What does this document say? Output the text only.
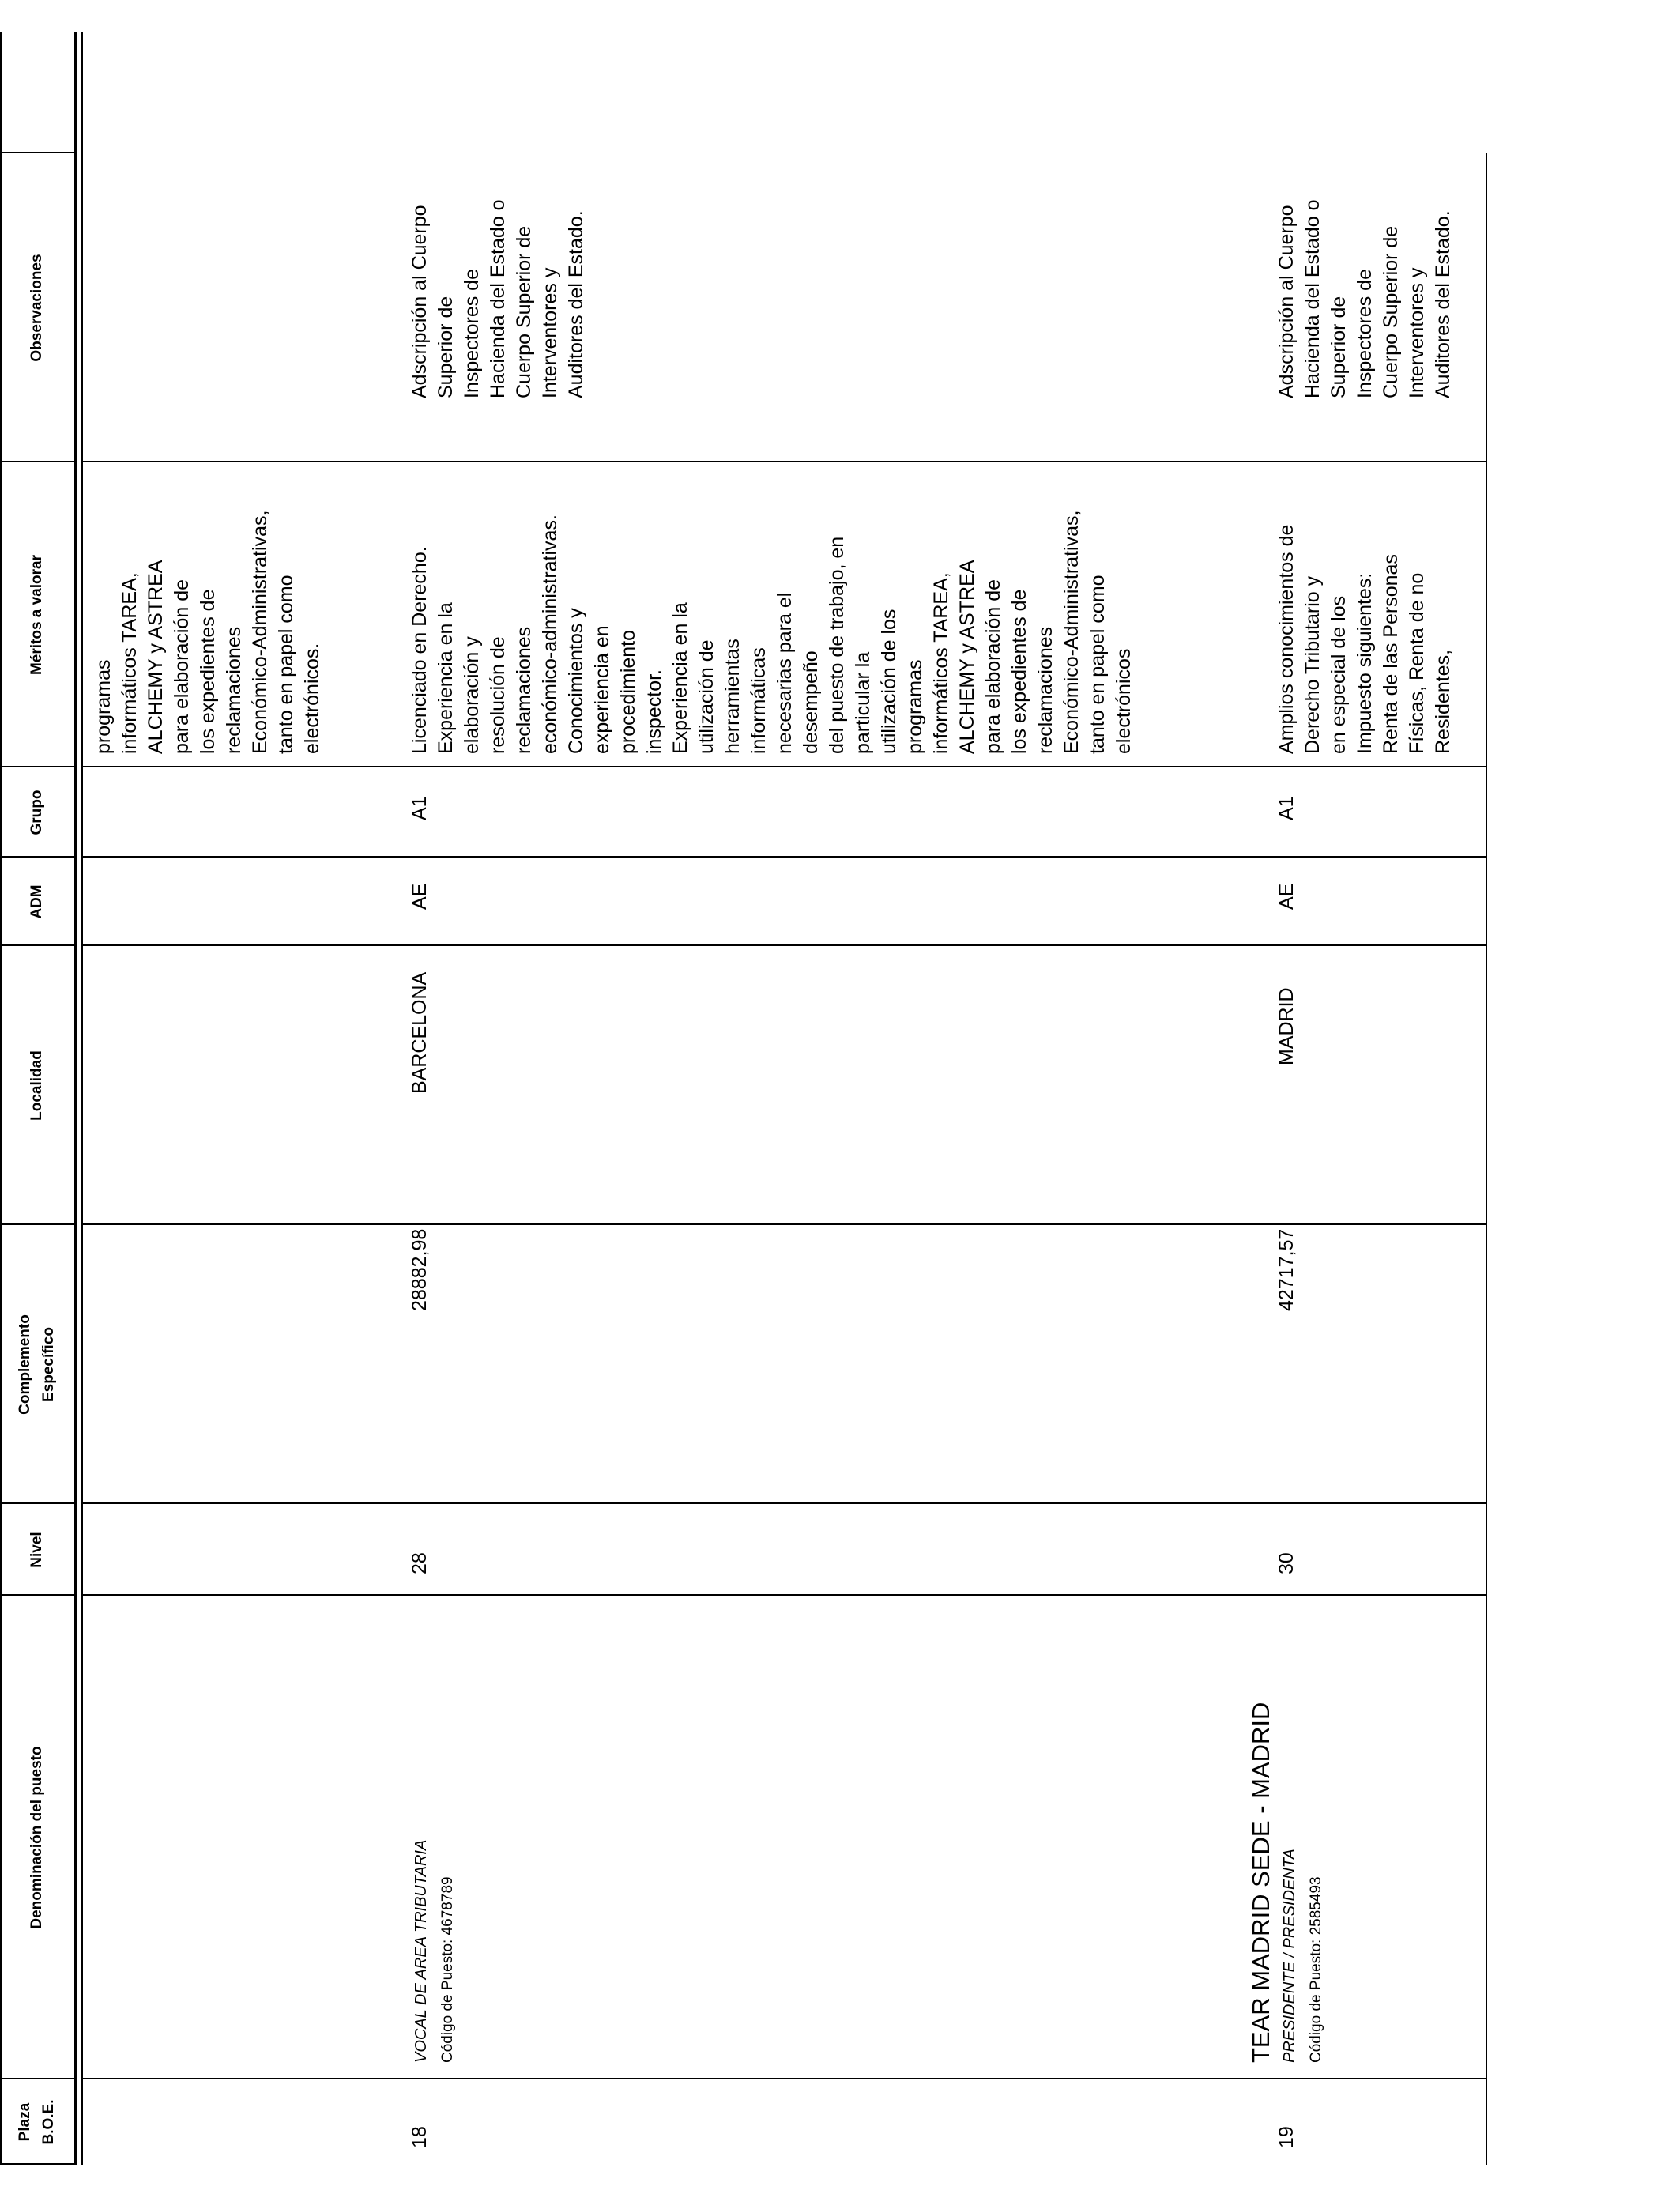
Plaza
B.O.E.
Denominación del puesto
Nivel
Complemento
Específico
Localidad
ADM
Grupo
Méritos a valorar
Observaciones
programas
informáticos TAREA,
ALCHEMY y ASTREA
para elaboración de
los expedientes de
reclamaciones
Económico-Administrativas,
tanto en papel como
electrónicos.
18
VOCAL DE AREA TRIBUTARIA Código de Puesto: 4678789
28
28882,98
BARCELONA
AE
A1
Licenciado en Derecho.
Experiencia en la
elaboración y
resolución de
reclamaciones
económico-administrativas.
Conocimientos y
experiencia en
procedimiento
inspector.
Experiencia en la
utilización de
herramientas
informáticas
necesarias para el
desempeño
del puesto de trabajo, en
particular la
utilización de los
programas
informáticos TAREA,
ALCHEMY y ASTREA
para elaboración de
los expedientes de
reclamaciones
Económico-Administrativas,
tanto en papel como
electrónicos
Adscripción al Cuerpo
Superior de
Inspectores de
Hacienda del Estado o
Cuerpo Superior de
Interventores y
Auditores del Estado.
19
TEAR MADRID SEDE - MADRID PRESIDENTE / PRESIDENTA Código de Puesto: 2585493
30
42717,57
MADRID
AE
A1
Amplios conocimientos de
Derecho Tributario y
en especial de los
Impuesto siguientes:
Renta de las Personas
Físicas, Renta de no
Residentes,
Adscripción al Cuerpo
Hacienda del Estado o
Superior de
Inspectores de
Cuerpo Superior de
Interventores y
Auditores del Estado.
